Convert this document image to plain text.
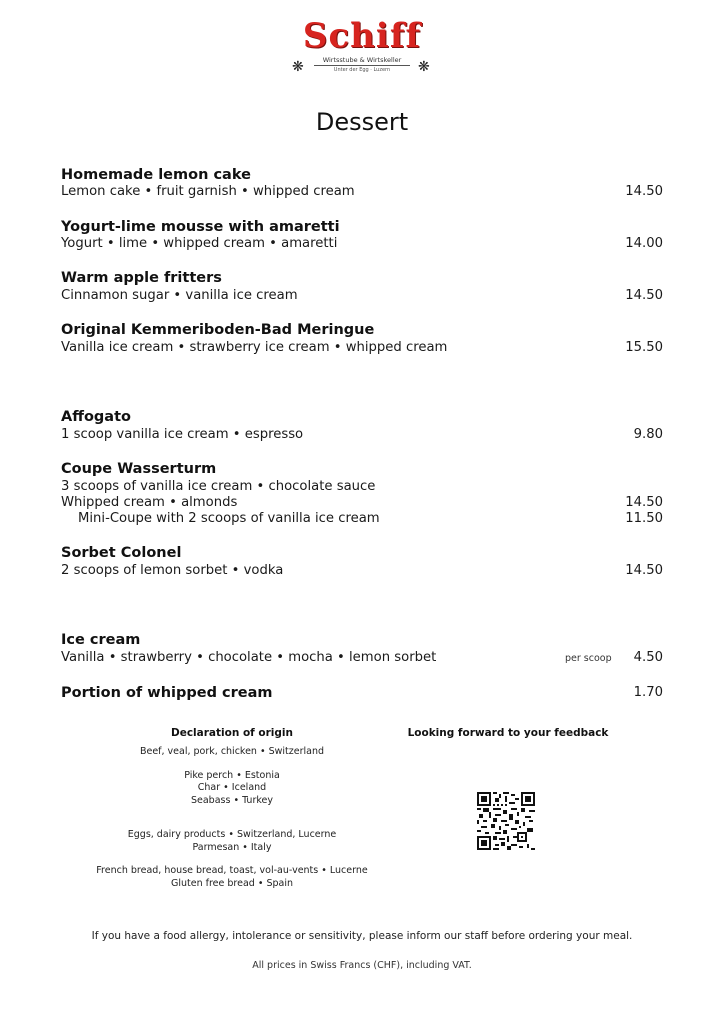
Schiff
❋	Wirtsstube & Wirtskeller
Unter der Egg · Luzern	❋
Dessert
Homemade lemon cake
Lemon cake • fruit garnish • whipped cream	14.50
Yogurt-lime mousse with amaretti
Yogurt • lime • whipped cream • amaretti	14.00
Warm apple fritters
Cinnamon sugar • vanilla ice cream	14.50
Original Kemmeriboden-Bad Meringue
Vanilla ice cream • strawberry ice cream • whipped cream	15.50
Affogato
1 scoop vanilla ice cream • espresso	9.80
Coupe Wasserturm
3 scoops of vanilla ice cream • chocolate sauce
Whipped cream • almonds	14.50
Mini-Coupe with 2 scoops of vanilla ice cream	11.50
Sorbet Colonel
2 scoops of lemon sorbet • vodka	14.50
Ice cream
Vanilla • strawberry • chocolate • mocha • lemon sorbet	per scoop 4.50
Portion of whipped cream	1.70
Declaration of origin
Beef, veal, pork, chicken • Switzerland
Pike perch • Estonia
Char • Iceland
Seabass • Turkey
Eggs, dairy products • Switzerland, Lucerne
Parmesan • Italy
French bread, house bread, toast, vol-au-vents • Lucerne
Gluten free bread • Spain
Looking forward to your feedback
If you have a food allergy, intolerance or sensitivity, please inform our staff before ordering your meal.
All prices in Swiss Francs (CHF), including VAT.
